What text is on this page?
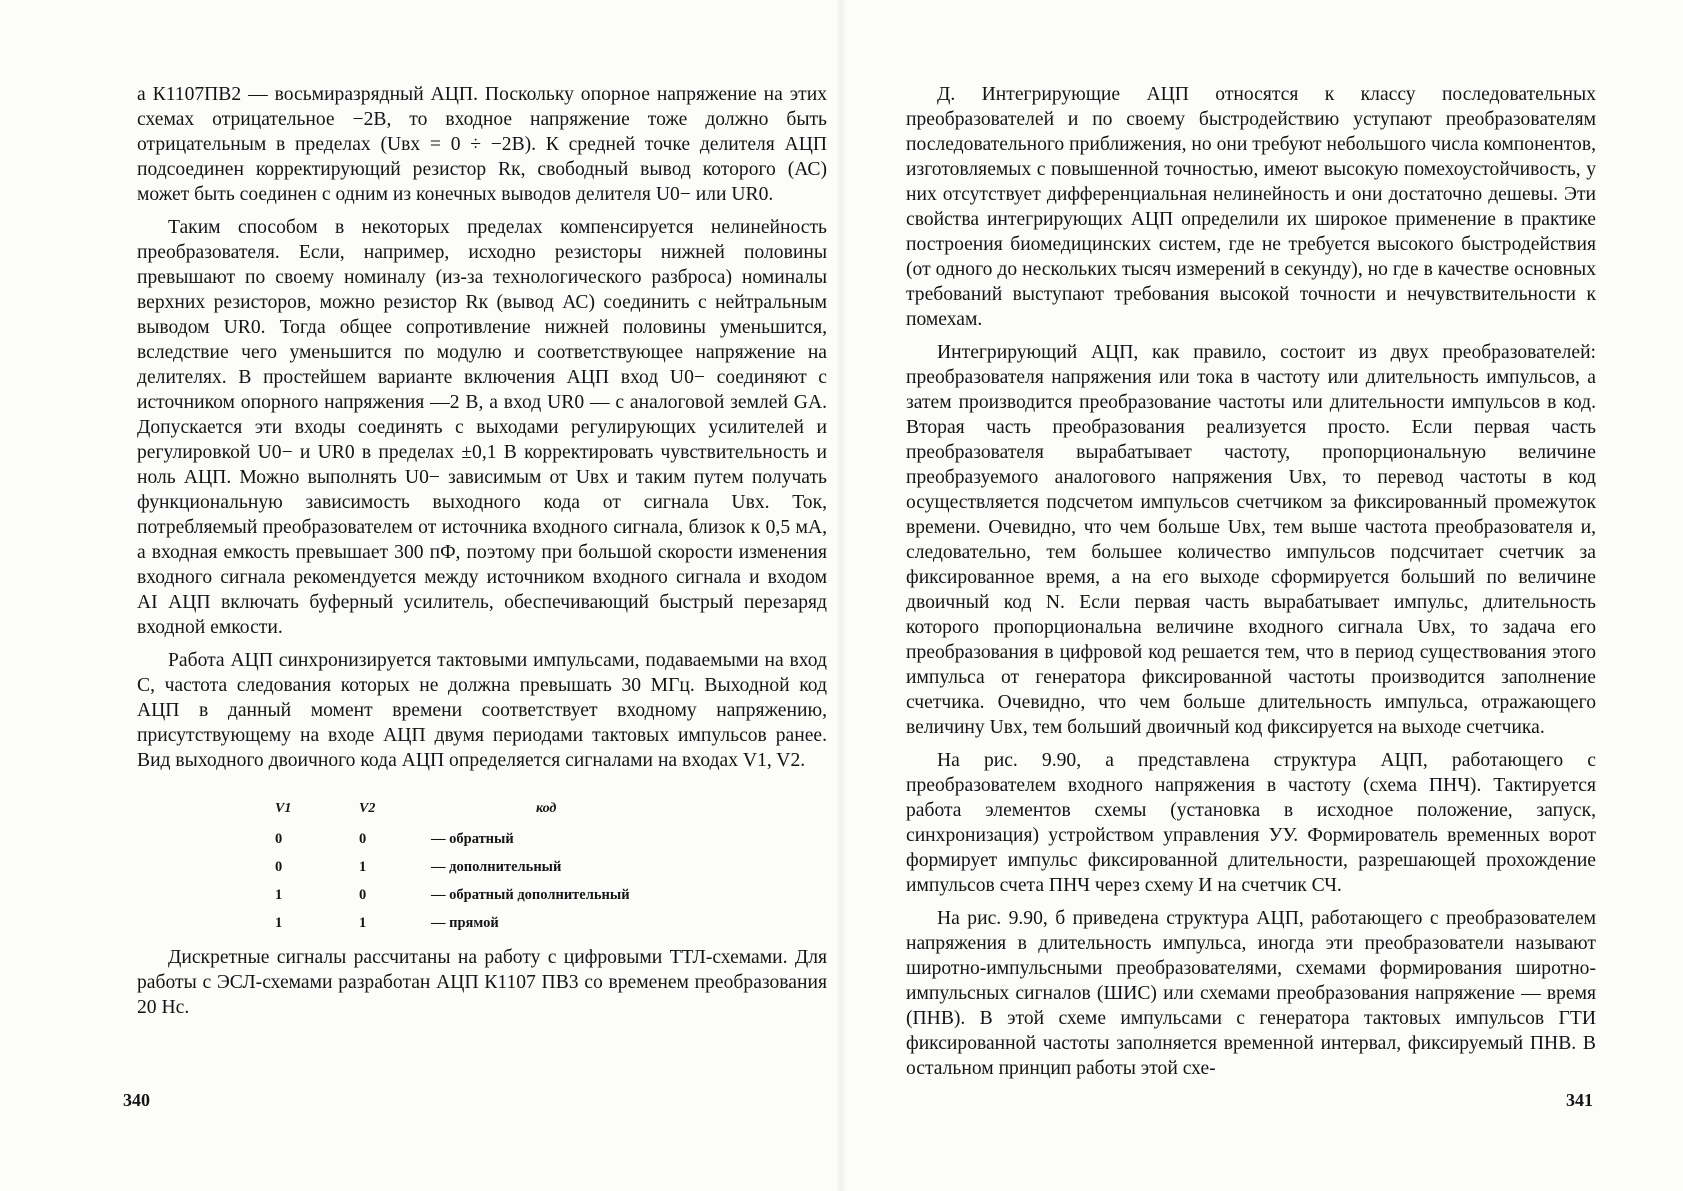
а К1107ПВ2 — восьмиразрядный АЦП. Поскольку опорное напряжение на этих схемах отрицательное −2В, то входное напряжение тоже должно быть отрицательным в пределах (Uвх = 0 ÷ −2В). К средней точке делителя АЦП подсоединен корректирующий резистор Rк, свободный вывод которого (АС) может быть соединен с одним из конечных выводов делителя U0− или UR0.

Таким способом в некоторых пределах компенсируется нелинейность преобразователя. Если, например, исходно резисторы нижней половины превышают по своему номиналу (из-за технологического разброса) номиналы верхних резисторов, можно резистор Rк (вывод АС) соединить с нейтральным выводом UR0. Тогда общее сопротивление нижней половины уменьшится, вследствие чего уменьшится по модулю и соответствующее напряжение на делителях. В простейшем варианте включения АЦП вход U0− соединяют с источником опорного напряжения —2 В, а вход UR0 — с аналоговой землей GA. Допускается эти входы соединять с выходами регулирующих усилителей и регулировкой U0− и UR0 в пределах ±0,1 В корректировать чувствительность и ноль АЦП. Можно выполнять U0− зависимым от Uвх и таким путем получать функциональную зависимость выходного кода от сигнала Uвх. Ток, потребляемый преобразователем от источника входного сигнала, близок к 0,5 мА, а входная емкость превышает 300 пФ, поэтому при большой скорости изменения входного сигнала рекомендуется между источником входного сигнала и входом AI АЦП включать буферный усилитель, обеспечивающий быстрый перезаряд входной емкости.

Работа АЦП синхронизируется тактовыми импульсами, подаваемыми на вход С, частота следования которых не должна превышать 30 МГц. Выходной код АЦП в данный момент времени соответствует входному напряжению, присутствующему на входе АЦП двумя периодами тактовых импульсов ранее. Вид выходного двоичного кода АЦП определяется сигналами на входах V1, V2.

V1	V2	код
0	0	— обратный
0	1	— дополнительный
1	0	— обратный дополнительный
1	1	— прямой

Дискретные сигналы рассчитаны на работу с цифровыми ТТЛ-схемами. Для работы с ЭСЛ-схемами разработан АЦП К1107 ПВ3 со временем преобразования 20 Нс.

340

Д. Интегрирующие АЦП относятся к классу последовательных преобразователей и по своему быстродействию уступают преобразователям последовательного приближения, но они требуют небольшого числа компонентов, изготовляемых с повышенной точностью, имеют высокую помехоустойчивость, у них отсутствует дифференциальная нелинейность и они достаточно дешевы. Эти свойства интегрирующих АЦП определили их широкое применение в практике построения биомедицинских систем, где не требуется высокого быстродействия (от одного до нескольких тысяч измерений в секунду), но где в качестве основных требований выступают требования высокой точности и нечувствительности к помехам.

Интегрирующий АЦП, как правило, состоит из двух преобразователей: преобразователя напряжения или тока в частоту или длительность импульсов, а затем производится преобразование частоты или длительности импульсов в код. Вторая часть преобразования реализуется просто. Если первая часть преобразователя вырабатывает частоту, пропорциональную величине преобразуемого аналогового напряжения Uвх, то перевод частоты в код осуществляется подсчетом импульсов счетчиком за фиксированный промежуток времени. Очевидно, что чем больше Uвх, тем выше частота преобразователя и, следовательно, тем большее количество импульсов подсчитает счетчик за фиксированное время, а на его выходе сформируется больший по величине двоичный код N. Если первая часть вырабатывает импульс, длительность которого пропорциональна величине входного сигнала Uвх, то задача его преобразования в цифровой код решается тем, что в период существования этого импульса от генератора фиксированной частоты производится заполнение счетчика. Очевидно, что чем больше длительность импульса, отражающего величину Uвх, тем больший двоичный код фиксируется на выходе счетчика.

На рис. 9.90, а представлена структура АЦП, работающего с преобразователем входного напряжения в частоту (схема ПНЧ). Тактируется работа элементов схемы (установка в исходное положение, запуск, синхронизация) устройством управления УУ. Формирователь временных ворот формирует импульс фиксированной длительности, разрешающей прохождение импульсов счета ПНЧ через схему И на счетчик СЧ.

На рис. 9.90, б приведена структура АЦП, работающего с преобразователем напряжения в длительность импульса, иногда эти преобразователи называют широтно-импульсными преобразователями, схемами формирования широтно-импульсных сигналов (ШИС) или схемами преобразования напряжение — время (ПНВ). В этой схеме импульсами с генератора тактовых импульсов ГТИ фиксированной частоты заполняется временной интервал, фиксируемый ПНВ. В остальном принцип работы этой схе-

341
